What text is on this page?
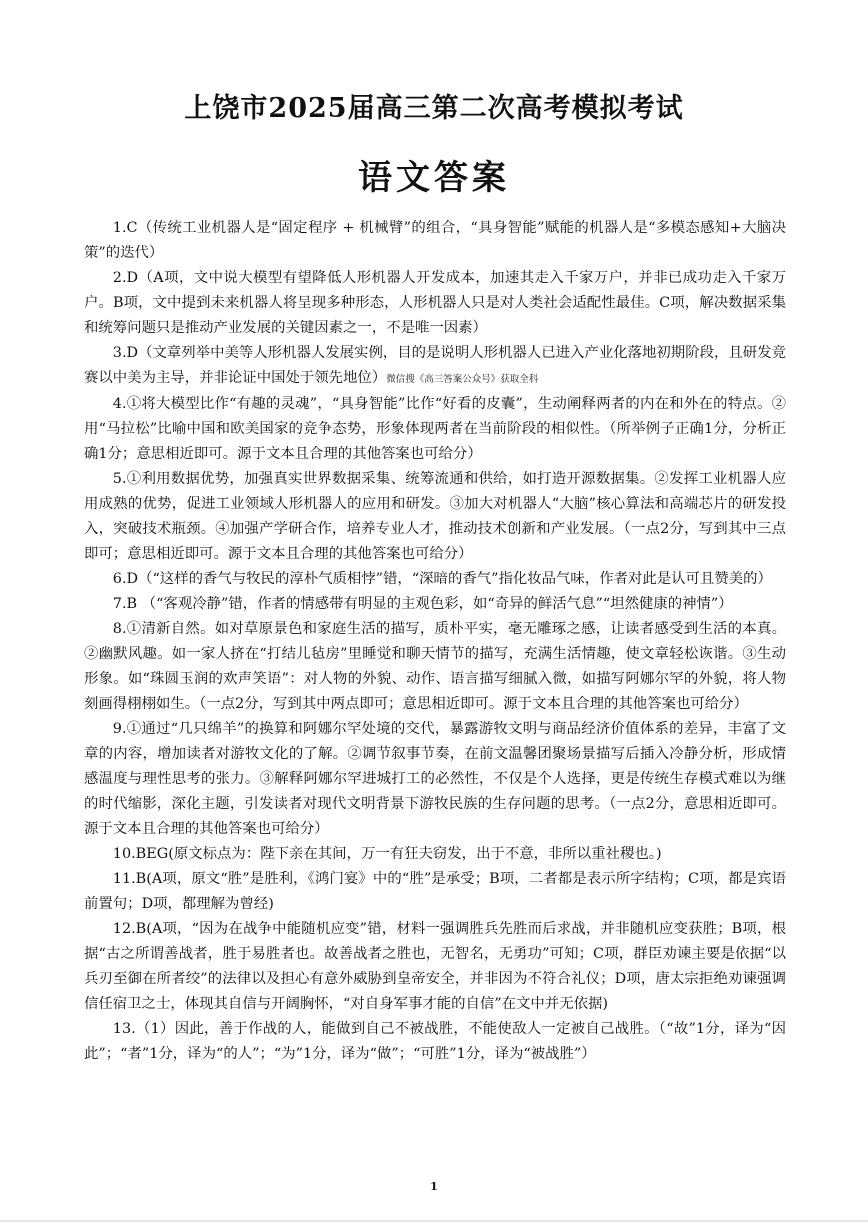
上饶市2025届高三第二次高考模拟考试
语文答案

1.C（传统工业机器人是“固定程序 + 机械臂”的组合，“具身智能”赋能的机器人是“多模态感知+大脑决策”的迭代）

2.D（A项，文中说大模型有望降低人形机器人开发成本，加速其走入千家万户，并非已成功走入千家万户。B项，文中提到未来机器人将呈现多种形态，人形机器人只是对人类社会适配性最佳。C项，解决数据采集和统筹问题只是推动产业发展的关键因素之一，不是唯一因素）

3.D（文章列举中美等人形机器人发展实例，目的是说明人形机器人已进入产业化落地初期阶段，且研发竞赛以中美为主导，并非论证中国处于领先地位）微信搜《高三答案公众号》获取全科

4.①将大模型比作“有趣的灵魂”，“具身智能”比作“好看的皮囊”，生动阐释两者的内在和外在的特点。②用“马拉松”比喻中国和欧美国家的竞争态势，形象体现两者在当前阶段的相似性。（所举例子正确1分，分析正确1分；意思相近即可。源于文本且合理的其他答案也可给分）

5.①利用数据优势，加强真实世界数据采集、统筹流通和供给，如打造开源数据集。②发挥工业机器人应用成熟的优势，促进工业领域人形机器人的应用和研发。③加大对机器人“大脑”核心算法和高端芯片的研发投入，突破技术瓶颈。④加强产学研合作，培养专业人才，推动技术创新和产业发展。（一点2分，写到其中三点即可；意思相近即可。源于文本且合理的其他答案也可给分）

6.D（“这样的香气与牧民的淳朴气质相悖”错，“深暗的香气”指化妆品气味，作者对此是认可且赞美的）

7.B （“客观冷静”错，作者的情感带有明显的主观色彩，如“奇异的鲜活气息”“坦然健康的神情”）

8.①清新自然。如对草原景色和家庭生活的描写，质朴平实，毫无雕琢之感，让读者感受到生活的本真。②幽默风趣。如一家人挤在“打结儿毡房”里睡觉和聊天情节的描写，充满生活情趣，使文章轻松诙谐。③生动形象。如“珠圆玉润的欢声笑语”：对人物的外貌、动作、语言描写细腻入微，如描写阿娜尔罕的外貌，将人物刻画得栩栩如生。（一点2分，写到其中两点即可；意思相近即可。源于文本且合理的其他答案也可给分）

9.①通过“几只绵羊”的换算和阿娜尔罕处境的交代，暴露游牧文明与商品经济价值体系的差异，丰富了文章的内容，增加读者对游牧文化的了解。②调节叙事节奏，在前文温馨团聚场景描写后插入冷静分析，形成情感温度与理性思考的张力。③解释阿娜尔罕进城打工的必然性，不仅是个人选择，更是传统生存模式难以为继的时代缩影，深化主题，引发读者对现代文明背景下游牧民族的生存问题的思考。（一点2分，意思相近即可。源于文本且合理的其他答案也可给分）

10.BEG(原文标点为：陛下亲在其间，万一有狂夫窃发，出于不意，非所以重社稷也。)

11.B(A项，原文“胜”是胜利，《鸿门宴》中的“胜”是承受；B项，二者都是表示所字结构；C项，都是宾语前置句；D项，都理解为曾经)

12.B(A项，“因为在战争中能随机应变”错，材料一强调胜兵先胜而后求战，并非随机应变获胜；B项，根据“古之所谓善战者，胜于易胜者也。故善战者之胜也，无智名，无勇功”可知；C项，群臣劝谏主要是依据“以兵刃至御在所者绞”的法律以及担心有意外威胁到皇帝安全，并非因为不符合礼仪；D项，唐太宗拒绝劝谏强调信任宿卫之士，体现其自信与开阔胸怀，“对自身军事才能的自信”在文中并无依据)

13.（1）因此，善于作战的人，能做到自己不被战胜，不能使敌人一定被自己战胜。（“故”1分，译为“因此”；“者”1分，译为“的人”；“为”1分，译为“做”；“可胜”1分，译为“被战胜”）

1
